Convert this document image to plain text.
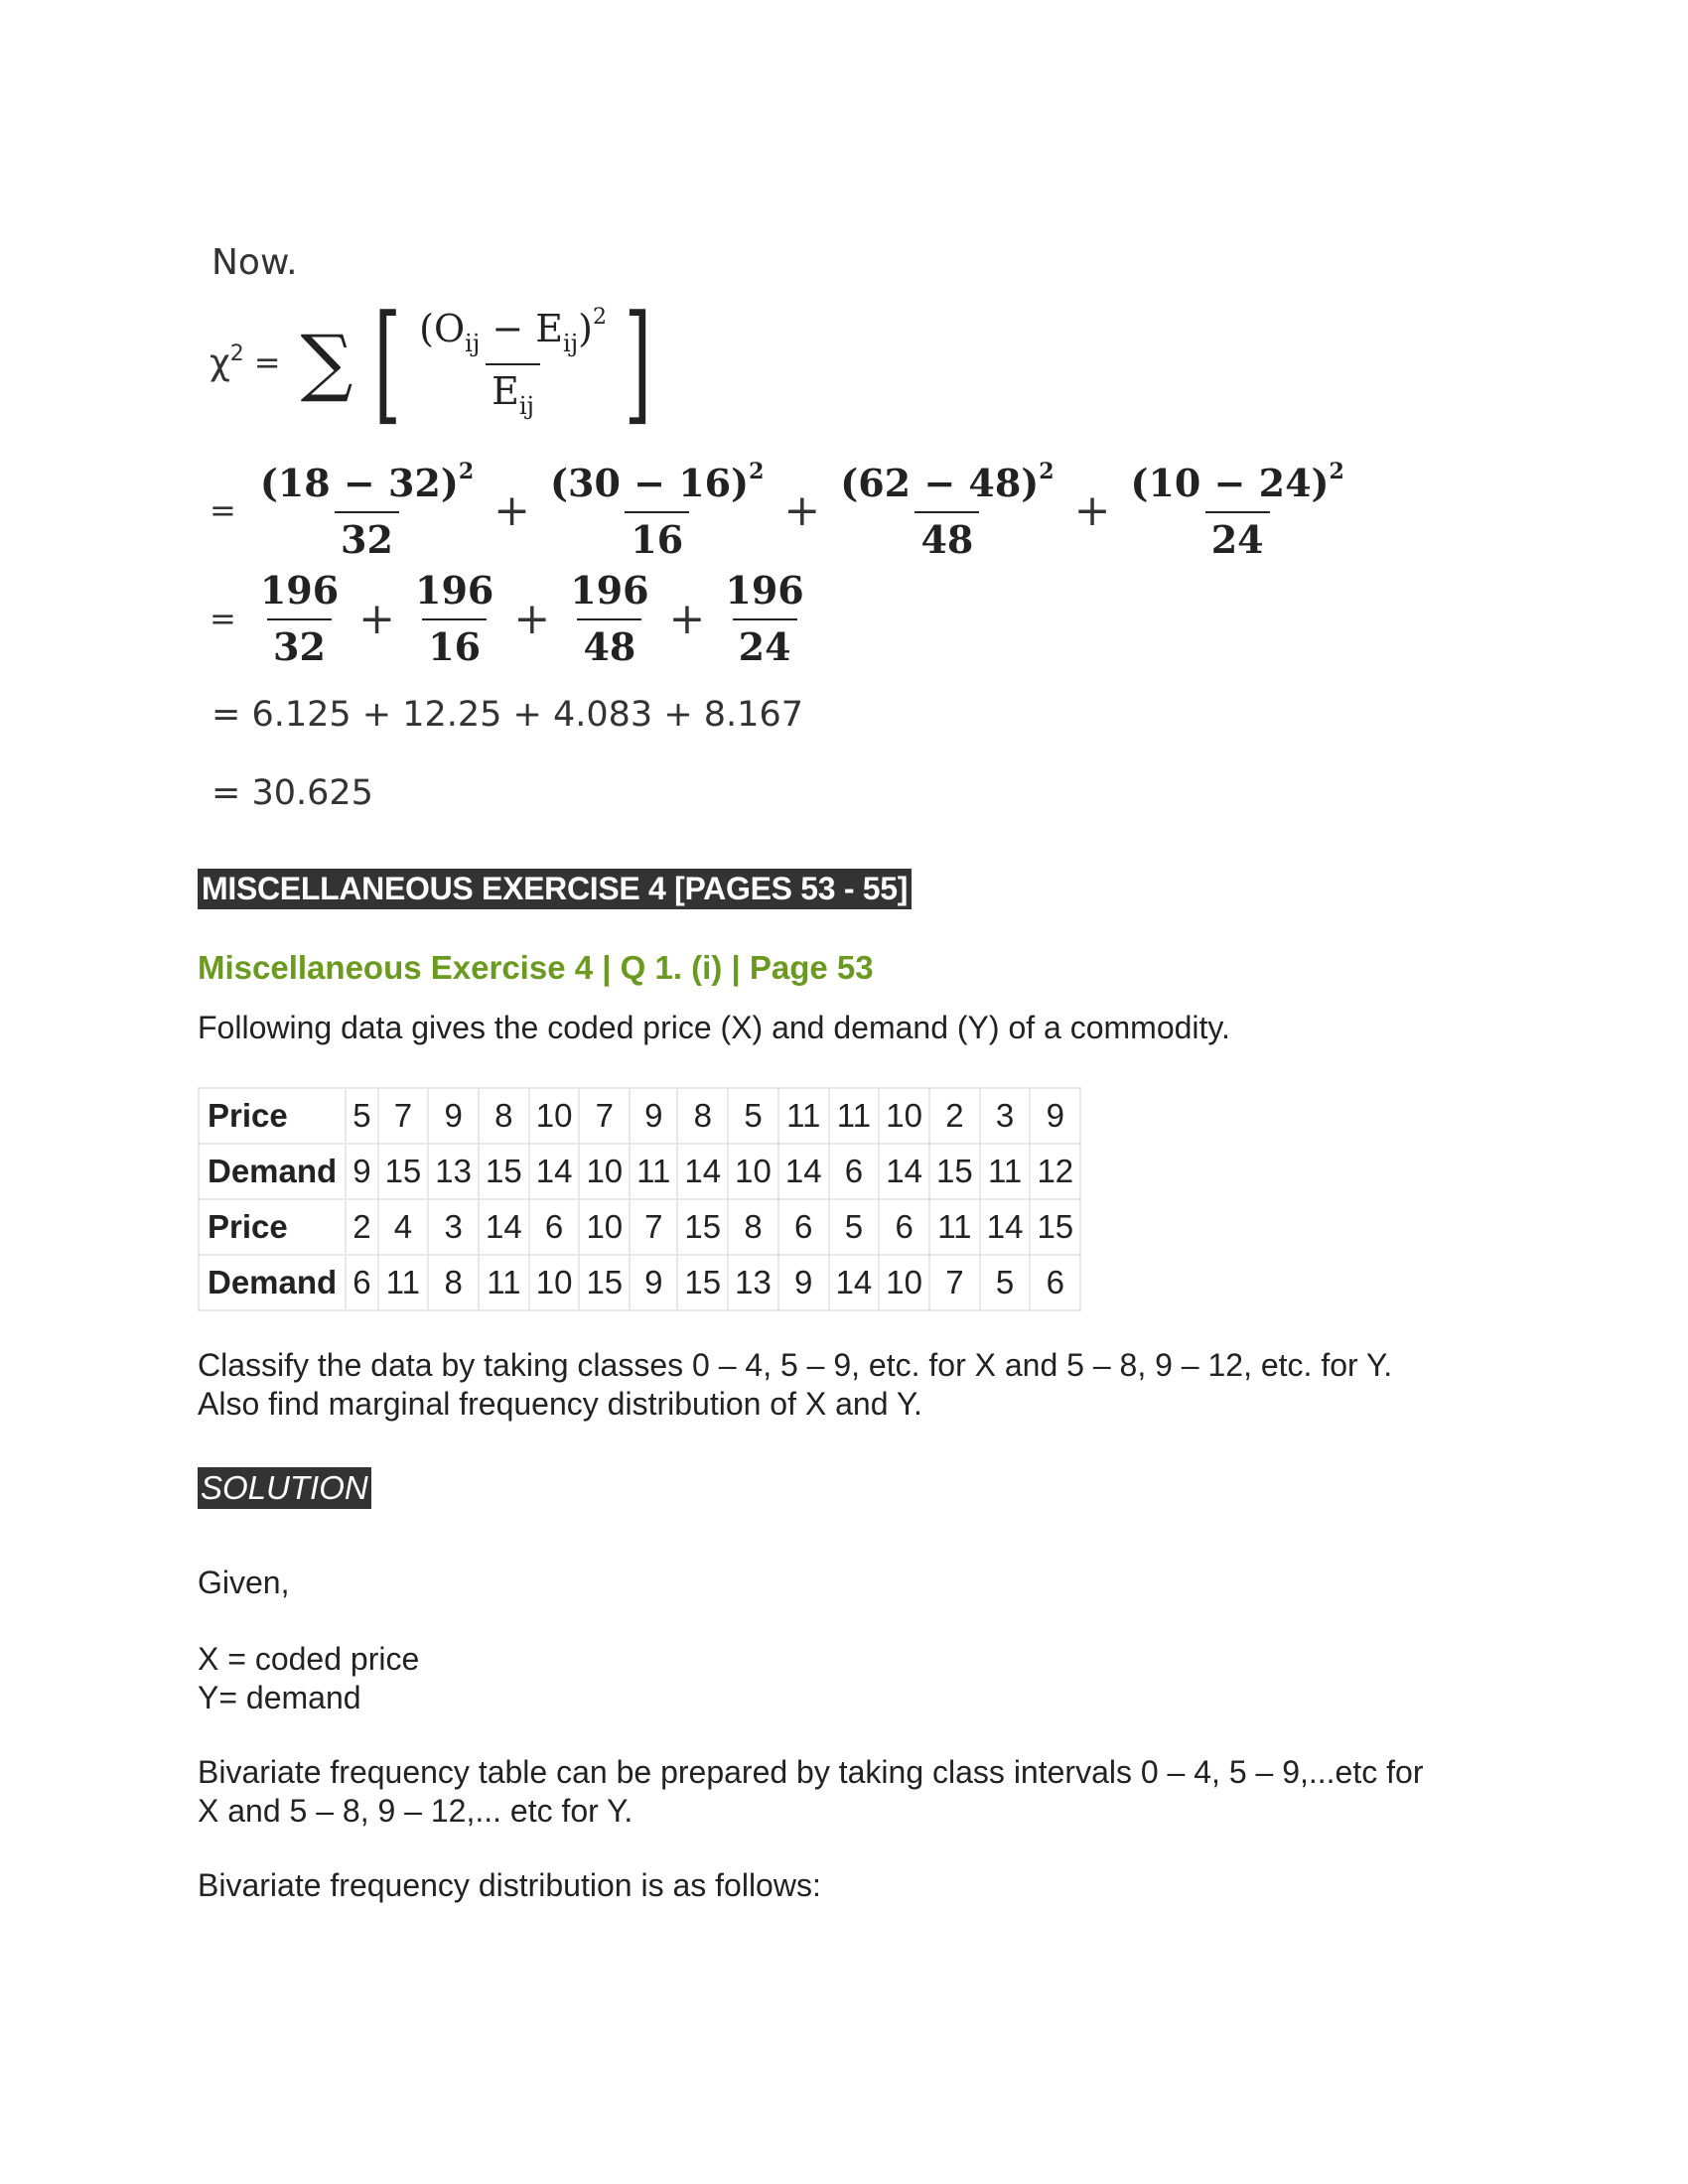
Now.
$\chi^2$ = ∑ [ $\frac{(O_{ij} - E_{ij})^2}{E_{ij}}$ ]
= $\frac{(18 - 32)^2}{32} + \frac{(30 - 16)^2}{16} + \frac{(62 - 48)^2}{48} + \frac{(10 - 24)^2}{24}$
= $\frac{196}{32} + \frac{196}{16} + \frac{196}{48} + \frac{196}{24}$
= 6.125 + 12.25 + 4.083 + 8.167
= 30.625
MISCELLANEOUS EXERCISE 4 [PAGES 53 - 55]
Miscellaneous Exercise 4 | Q 1. (i) | Page 53
Following data gives the coded price (X) and demand (Y) of a commodity.
Price	5	7	9	8	10	7	9	8	5	11	11	10	2	3	9
Demand	9	15	13	15	14	10	11	14	10	14	6	14	15	11	12
Price	2	4	3	14	6	10	7	15	8	6	5	6	11	14	15
Demand	6	11	8	11	10	15	9	15	13	9	14	10	7	5	6
Classify the data by taking classes 0 – 4, 5 – 9, etc. for X and 5 – 8, 9 – 12, etc. for Y.
Also find marginal frequency distribution of X and Y.
SOLUTION
Given,
X = coded price
Y= demand
Bivariate frequency table can be prepared by taking class intervals 0 – 4, 5 – 9,...etc for
X and 5 – 8, 9 – 12,... etc for Y.
Bivariate frequency distribution is as follows:
